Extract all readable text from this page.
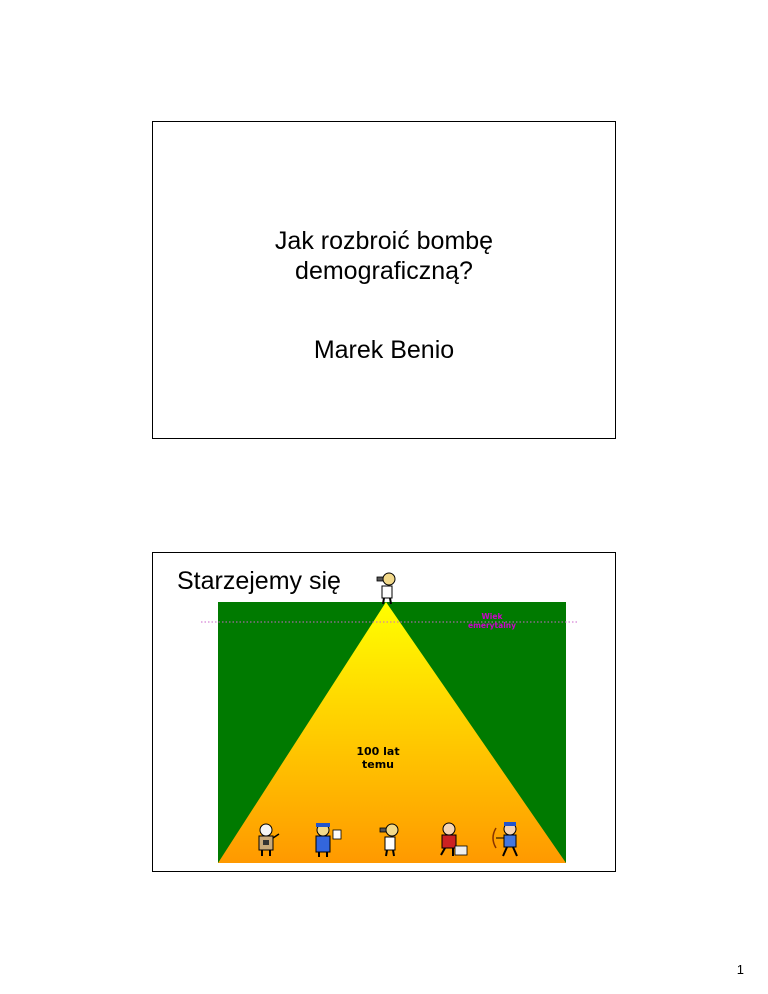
Jak rozbroić bombę
demograficzną?
Marek Benio
Starzejemy się
Wiek
emerytalny
100 lat
temu
1
